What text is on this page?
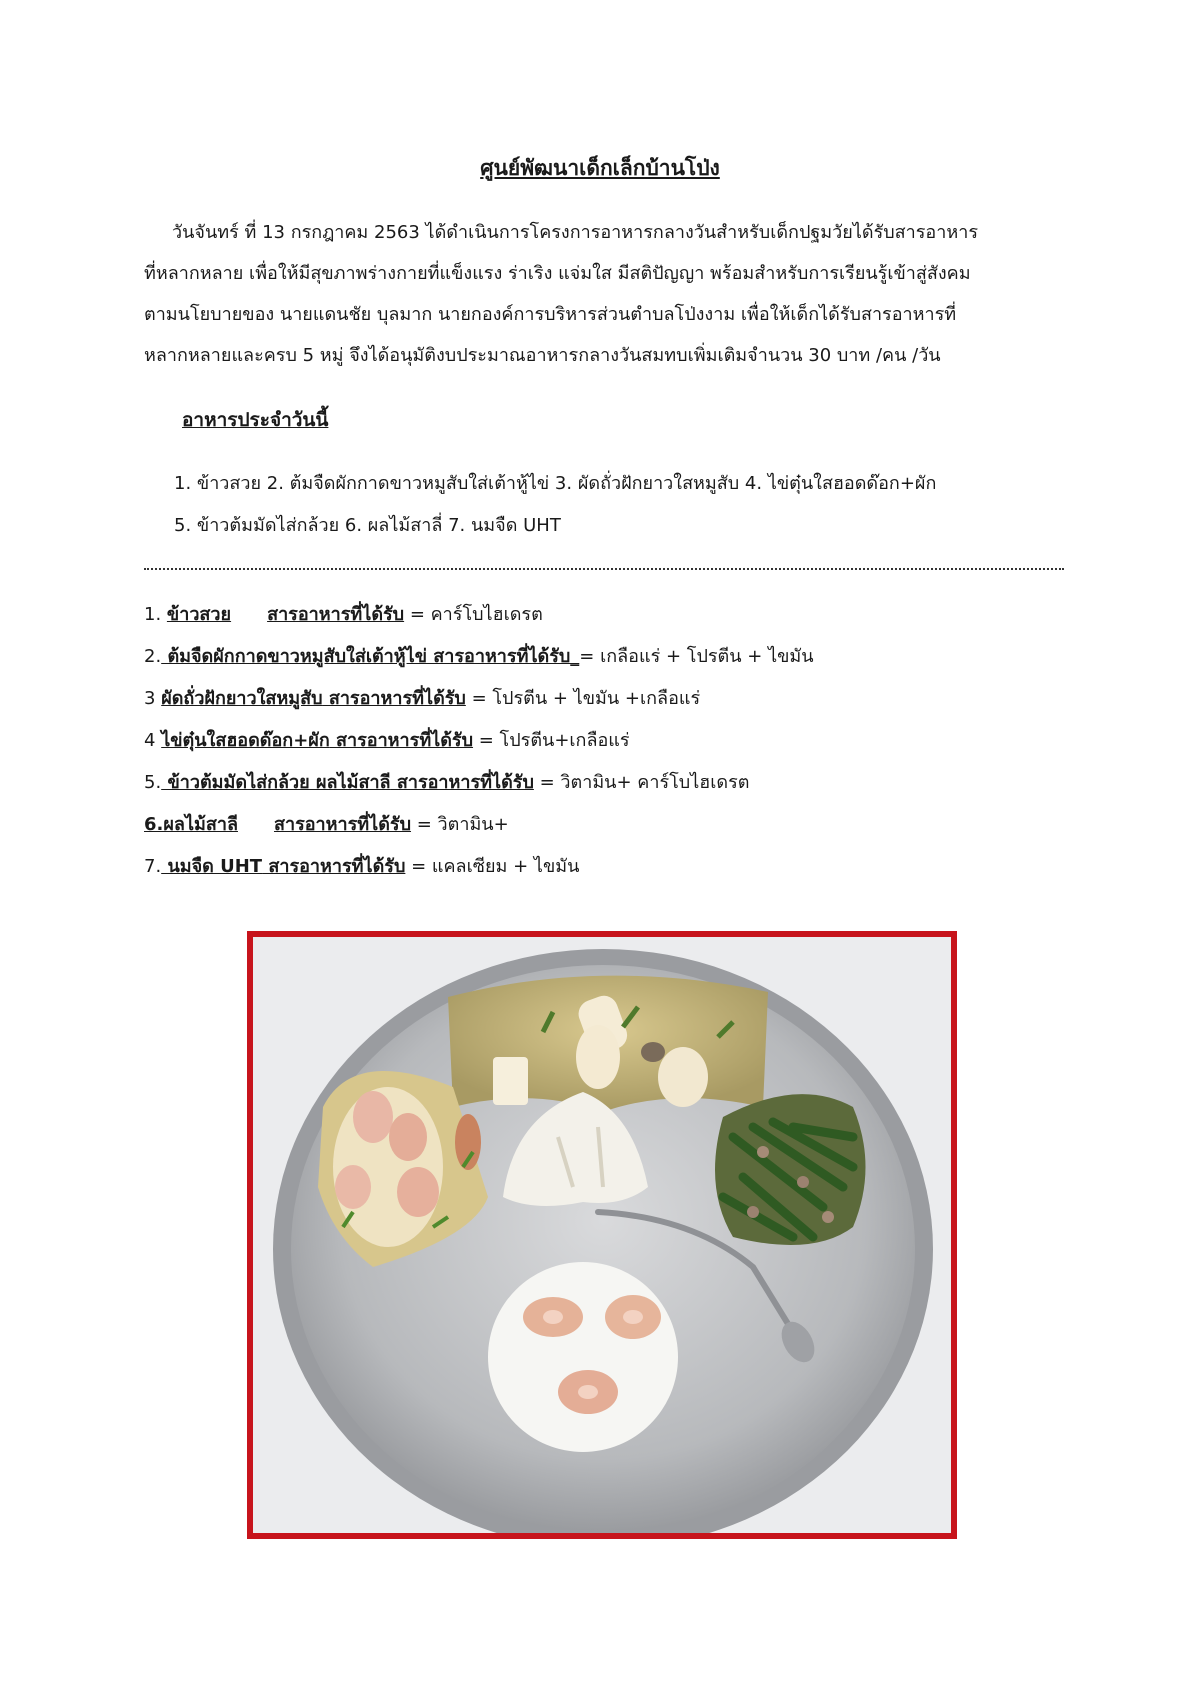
ศูนย์พัฒนาเด็กเล็กบ้านโป่ง

วันจันทร์ ที่ 13 กรกฎาคม 2563 ได้ดำเนินการโครงการอาหารกลางวันสำหรับเด็กปฐมวัยได้รับสารอาหาร

ที่หลากหลาย เพื่อให้มีสุขภาพร่างกายที่แข็งแรง ร่าเริง แจ่มใส มีสติปัญญา พร้อมสำหรับการเรียนรู้เข้าสู่สังคม

ตามนโยบายของ นายแดนชัย บุลมาก นายกองค์การบริหารส่วนตำบลโป่งงาม เพื่อให้เด็กได้รับสารอาหารที่

หลากหลายและครบ 5 หมู่ จึงได้อนุมัติงบประมาณอาหารกลางวันสมทบเพิ่มเติมจำนวน 30 บาท /คน /วัน

อาหารประจำวันนี้
1. ข้าวสวย 2. ต้มจืดผักกาดขาวหมูสับใส่เต้าหู้ไข่ 3. ผัดถั่วฝักยาวใสหมูสับ 4. ไข่ตุ๋นใสฮอดด๊อก+ผัก
5. ข้าวต้มมัดไส่กล้วย 6. ผลไม้สาลี่ 7. นมจืด UHT
1. ข้าวสวย สารอาหารที่ได้รับ = คาร์โบไฮเดรต
2. ต้มจืดผักกาดขาวหมูสับใส่เต้าหู้ไข่ สารอาหารที่ได้รับ_= เกลือแร่ + โปรตีน + ไขมัน
3 ผัดถั่วฝักยาวใสหมูสับ สารอาหารที่ได้รับ = โปรตีน + ไขมัน +เกลือแร่
4 ไข่ตุ๋นใสฮอดด๊อก+ผัก สารอาหารที่ได้รับ = โปรตีน+เกลือแร่
5. ข้าวต้มมัดไส่กล้วย ผลไม้สาลี สารอาหารที่ได้รับ = วิตามิน+ คาร์โบไฮเดรต
6.ผลไม้สาลี สารอาหารที่ได้รับ = วิตามิน+
7. นมจืด UHT สารอาหารที่ได้รับ = แคลเซียม + ไขมัน
